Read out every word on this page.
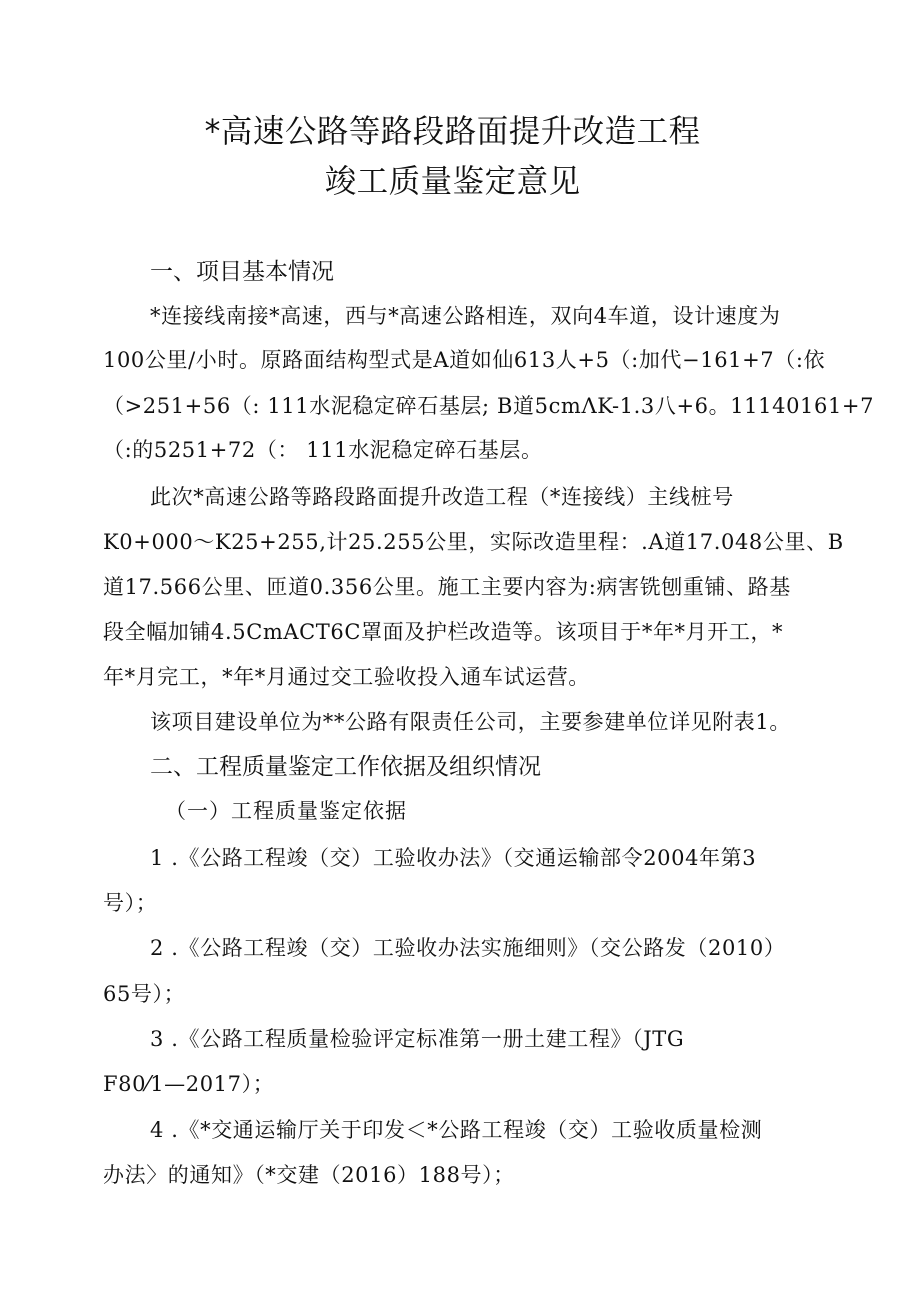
*高速公路等路段路面提升改造工程
竣工质量鉴定意见
一、项目基本情况
*连接线南接*高速，西与*高速公路相连，双向4车道，设计速度为
100公里/小时。原路面结构型式是A道如仙613人+5（:加代−161+7（:依
（>251+56（: 111水泥稳定碎石基层; B道5cmΛK-1.3八+6。11140161+7
（:的5251+72（： 111水泥稳定碎石基层。
此次*高速公路等路段路面提升改造工程（*连接线）主线桩号
K0+000～K25+255,计25.255公里，实际改造里程：.A道17.048公里、B
道17.566公里、匝道0.356公里。施工主要内容为:病害铣刨重铺、路基
段全幅加铺4.5CmACT6C罩面及护栏改造等。该项目于*年*月开工，*
年*月完工，*年*月通过交工验收投入通车试运营。
该项目建设单位为**公路有限责任公司，主要参建单位详见附表1。
二、工程质量鉴定工作依据及组织情况
（一）工程质量鉴定依据
1 .《公路工程竣（交）工验收办法》（交通运输部令2004年第3
号）；
2 .《公路工程竣（交）工验收办法实施细则》（交公路发（2010）
65号）；
3 .《公路工程质量检验评定标准第一册土建工程》（JTG
F80⁄1—2017）；
4 .《*交通运输厅关于印发＜*公路工程竣（交）工验收质量检测
办法〉的通知》（*交建（2016）188号）；
